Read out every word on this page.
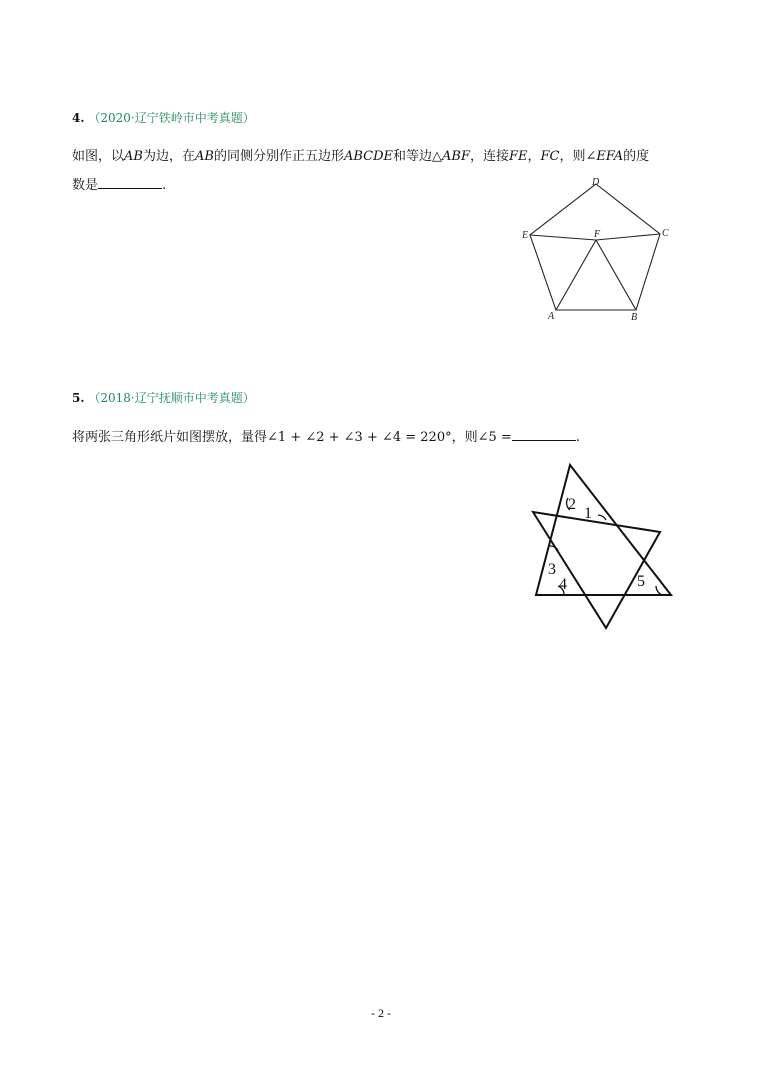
4. （2020·辽宁铁岭市中考真题）
如图，以AB为边，在AB的同侧分别作正五边形ABCDE和等边△ABF，连接FE，FC，则∠EFA的度
数是	.	D
E	F	C
A	B
5. （2018·辽宁抚顺市中考真题）
将两张三角形纸片如图摆放，量得∠1 + ∠2 + ∠3 + ∠4 = 220°，则∠5 =	.
2
1
3
4	5
- 2 -
